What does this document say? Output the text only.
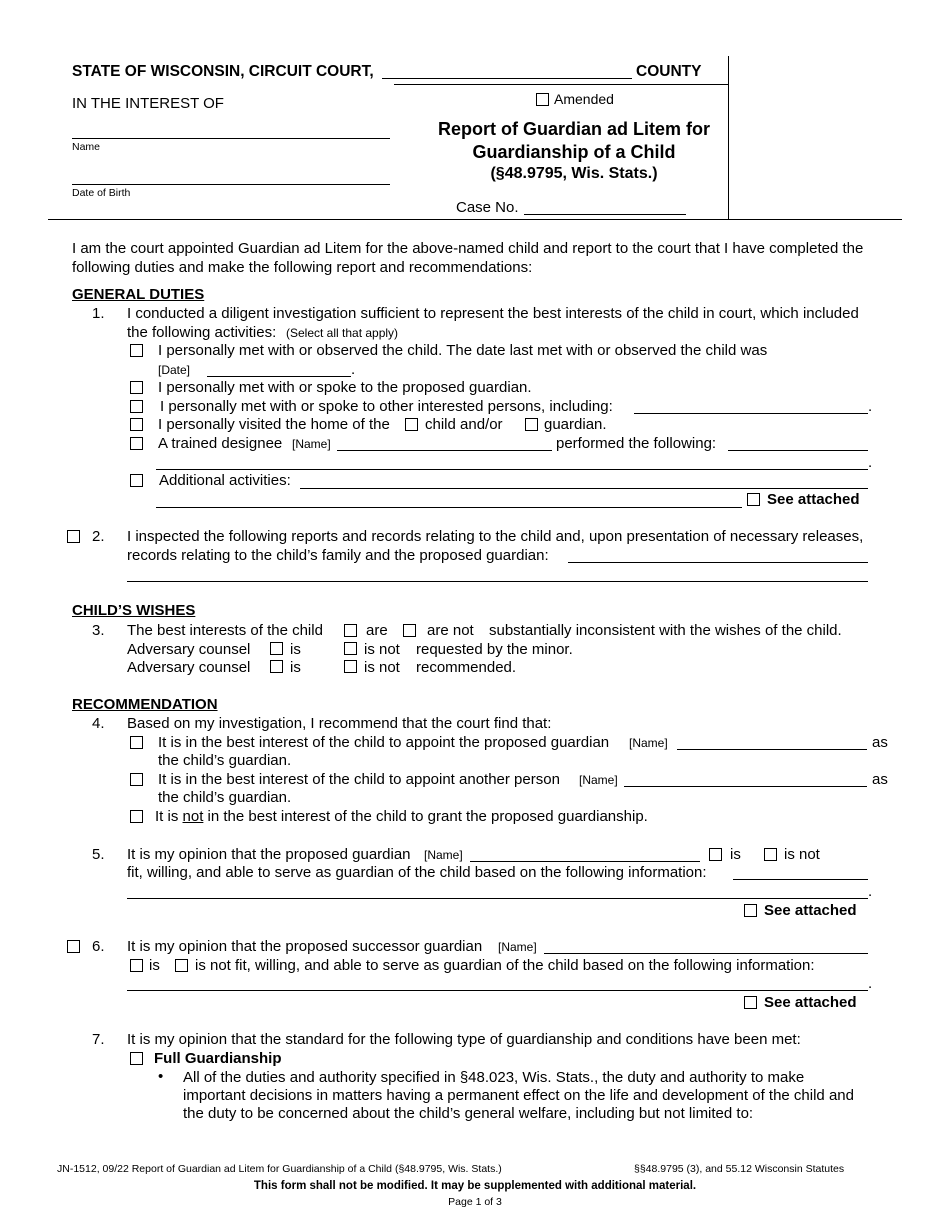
STATE OF WISCONSIN, CIRCUIT COURT,	COUNTY
IN THE INTEREST OF	Amended
Name
Date of Birth
Report of Guardian ad Litem for
Guardianship of a Child
(§48.9795, Wis. Stats.)
Case No.
I am the court appointed Guardian ad Litem for the above-named child and report to the court that I have completed the following duties and make the following report and recommendations:
GENERAL DUTIES
1. I conducted a diligent investigation sufficient to represent the best interests of the child in court, which included
the following activities: (Select all that apply)
I personally met with or observed the child. The date last met with or observed the child was
[Date]	.
I personally met with or spoke to the proposed guardian.
I personally met with or spoke to other interested persons, including:	.
I personally visited the home of the child and/or	guardian.
A trained designee [Name]	performed the following:
.
Additional activities:
See attached
2. I inspected the following reports and records relating to the child and, upon presentation of necessary releases,
records relating to the child’s family and the proposed guardian:
CHILD’S WISHES
3. The best interests of the child	are	are not substantially inconsistent with the wishes of the child.
Adversary counsel	is	is not requested by the minor.
Adversary counsel	is	is not recommended.
RECOMMENDATION
4. Based on my investigation, I recommend that the court find that:
It is in the best interest of the child to appoint the proposed guardian [Name]	as
the child’s guardian.
It is in the best interest of the child to appoint another person [Name]	as
the child’s guardian.
It is not in the best interest of the child to grant the proposed guardianship.
5. It is my opinion that the proposed guardian [Name]	is	is not
fit, willing, and able to serve as guardian of the child based on the following information:
.
See attached
6. It is my opinion that the proposed successor guardian [Name]
is is not fit, willing, and able to serve as guardian of the child based on the following information:
.
See attached
7. It is my opinion that the standard for the following type of guardianship and conditions have been met:
Full Guardianship
• All of the duties and authority specified in §48.023, Wis. Stats., the duty and authority to make
important decisions in matters having a permanent effect on the life and development of the child and
the duty to be concerned about the child’s general welfare, including but not limited to:
JN-1512, 09/22 Report of Guardian ad Litem for Guardianship of a Child (§48.9795, Wis. Stats.)	§§48.9795 (3), and 55.12 Wisconsin Statutes
This form shall not be modified. It may be supplemented with additional material.
Page 1 of 3
